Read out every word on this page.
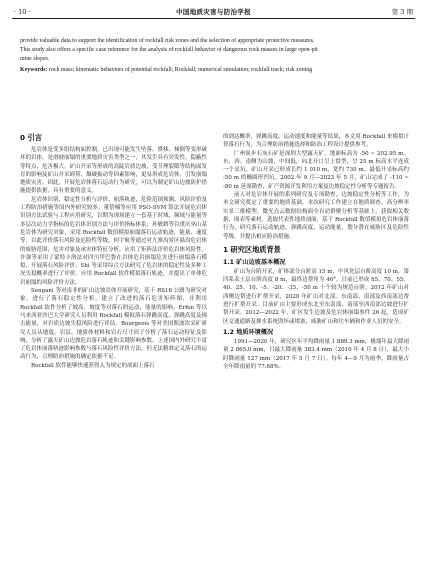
· 10 ·	中国地质灾害与防治学报	第 3 期

provide valuable data to support the identification of rockfall risk zones and the selection of appropriate protective measures.

This study also offers a specific case reference for the analysis of rockfall behavior of dangerous rock masses in large open-pit

mine slopes.

Keywords: rock mass; kinematic behaviors of potential rockfall; Rockfall; numerical simulation; rockfall track; risk zoning

0 引言

危岩体是受多组结构面控制，已出现可能发生坠落、滑移、倾倒等变形破坏的岩体，是滑坡崩塌的重要地质灾害类型之一，其发生具有突发性、隐蔽性等特点，危害极大。矿山开采等形成的高陡岩质边坡，受节理裂隙等结构面发育的影响及矿山开采卸荷、爆破振动等因素影响，更易形成危岩体，引发崩塌地质灾害。因此，开展危岩体落石运动行为研究，可以为制定矿山边坡防护措施提供依据，具有重要的意义。

危岩体识别、稳定性分析与评价、崩落轨迹、危险范围预测、风险评价及工程防治措施等国内外研究较多。董蓓楠等应用 PSO-SVM 算法开展危岩体识别方法试验与工程应用研究，以期为现场建立一套基于时域、频域与能量等多层次动力学指标的危岩体识别方法与评价指标体系；孙敏鹤等以重庆巫山某危岩体为研究对象，采用 Rockfall 数值模拟崩塌落石运动轨迹、能量、速度等，以此评价落石风险及危险性等级。何宇航等通过对九寨沟景区悬沟危岩体的威胁范围、危害对象及承灾体特征分析，应用了矩阵法评价危岩体风险性。许强等采用了蒙特卡洛法对四川甲巴鲁在岩体危岩崩塌危害进行崩塌落石模拟，开展落石风险评价。Shi 等采用综合方法研究了危岩体的稳定性及多种工况失稳概率进行了评价。应用 Rockfall 软件模拟落石轨迹，并提出了单体危岩崩塌的风险评价方法。

Sengani 等对南非的矿山边坡岩体开展研究，基于 RS18 公路为研究对象，进行了落石稳定性分析，建立了改进的落石危害矩阵图，并利用 Rockfall 软件分析了坡高、坡度等对落石的运动、能量的影响。Erfen 等以马来西亚沙巴大学研究人员利用 Rockfall 模拟落石弹跳高度、弹跳高度及撞击能量，对岩质边坡失稳风险进行评估。Bourgeois 等对美国斯波坎采矿研究人员从地震、岩层、地质体材料和岩石尺寸因子分析了落石运动特征及影响，分析了露天矿山边坡危岩落石轨迹和关键影响参数。上述国内外研究丰富了危岩体崩落轨迹影响参数与落石风险性评价方法，但无法精准定义落石的运动行为，合理防治措施的确定依据不足。

Rockfall 软件能够快速获得入为规定的剖面上落石

的到达概率、弹跳高度、运动速度和能量等结果，本文用 Rockfall 来模拟计算落石行为，为合理防治措施选择和防治工程设计提供参考。

广州炭步石灰石矿是深圳大型露天矿，地面标高为 -50 ~ 202.95 m。东、西、南侧为山坡，中间低，向北开口呈上窝型，呈 25 m 标高水平连成一个采坑。矿山开采已形成长约 1 010 m，宽约 730 m，最低开采标高约 -50 m 的椭圆形凹坑。2002 年 9 月—2023 年 5 月，矿山完成了 -110 ~ -80 m 延深勘查，矿产资源开发利用方案及边坡稳定性分析等专题报告。

前人对危岩体开展的系列研究及专项勘查、边坡稳定性分析等工作，为本文研究奠定了重要的地质基础。本次研究工作建立在地质调查、高分辨率实景三维模型、微光点云数据结构面全自动群聚分析等基础上，获取相关数据、图表等素材，选取代表性地质剖面，基于 Rockfall 数值模拟危岩体崩落行为，研究落石运动轨迹、弹跳高度、运动能量，划分潜在威胁区及危险性等级，并提出相应防治措施。

1 研究区地质背景
1.1 矿山边坡基本概况

矿山为台阶开采，矿体部分台阶高 15 m，中风化层台阶高度 10 m，第四系表土层台阶高度 8 m，最终边帮角为 46°。目前已形成 85、70、55、40、25、10、-5、-20、-35、-50 m 十个较为规范台阶。2012 年矿山对西侧边帮进行扩帮开采，2020 年矿山对北部、东南部、南部及西南部边帮进行扩帮开采。目前矿山主要形成东北至东南部、南部至西南部边坡进行扩帮开采。2012—2022 年，矿区发生边坡及危岩体崩塌事件 26 起，造成矿区交通道路及排水系统毁坏或堵塞，威胁矿山和往车辆和作业人员的安全。

1.2 地质环境概况

1991—2020 年，研究区年平均降雨量 1 889.3 mm，极端年最大降雨量 2 865.0 mm，日最大降雨量 383.4 mm（2010 年 4 月 8 日），最大小时降雨量 127 mm（2017 年 5 月 7 日）。每年 4—9 月为雨季，降雨量占全年降雨量的 77.68%。
